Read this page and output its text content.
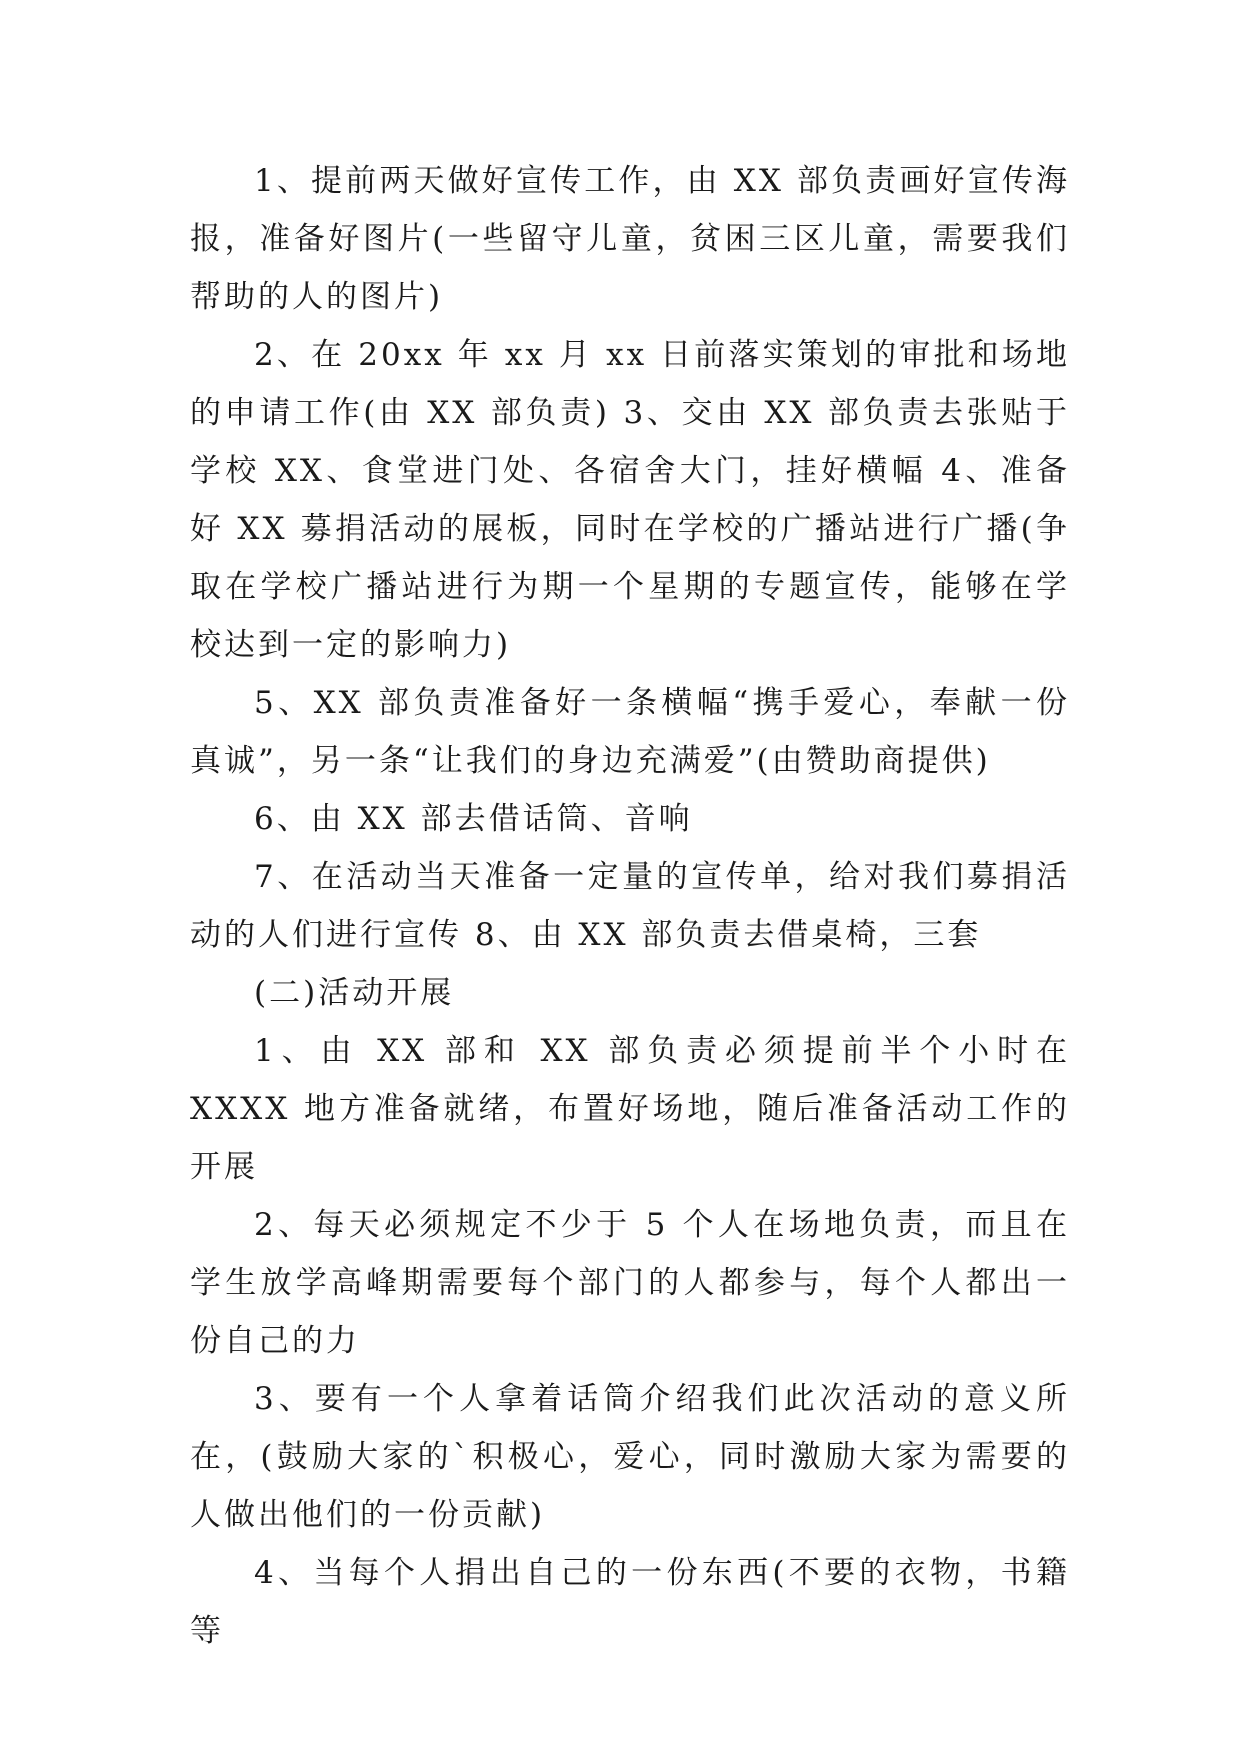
1、提前两天做好宣传工作，由 XX 部负责画好宣传海报，准备好图片(一些留守儿童，贫困三区儿童，需要我们帮助的人的图片)

2、在 20xx 年 xx 月 xx 日前落实策划的审批和场地的申请工作(由 XX 部负责) 3、交由 XX 部负责去张贴于学校 XX、食堂进门处、各宿舍大门，挂好横幅 4、准备好 XX 募捐活动的展板，同时在学校的广播站进行广播(争取在学校广播站进行为期一个星期的专题宣传，能够在学校达到一定的影响力)

5、XX 部负责准备好一条横幅“携手爱心，奉献一份真诚”，另一条“让我们的身边充满爱”(由赞助商提供)

6、由 XX 部去借话筒、音响

7、在活动当天准备一定量的宣传单，给对我们募捐活动的人们进行宣传 8、由 XX 部负责去借桌椅，三套

(二)活动开展

1、由 XX 部和 XX 部负责必须提前半个小时在 XXXX 地方准备就绪，布置好场地，随后准备活动工作的开展

2、每天必须规定不少于 5 个人在场地负责，而且在学生放学高峰期需要每个部门的人都参与，每个人都出一份自己的力

3、要有一个人拿着话筒介绍我们此次活动的意义所在，(鼓励大家的`积极心，爱心，同时激励大家为需要的人做出他们的一份贡献)

4、当每个人捐出自己的一份东西(不要的衣物，书籍等
